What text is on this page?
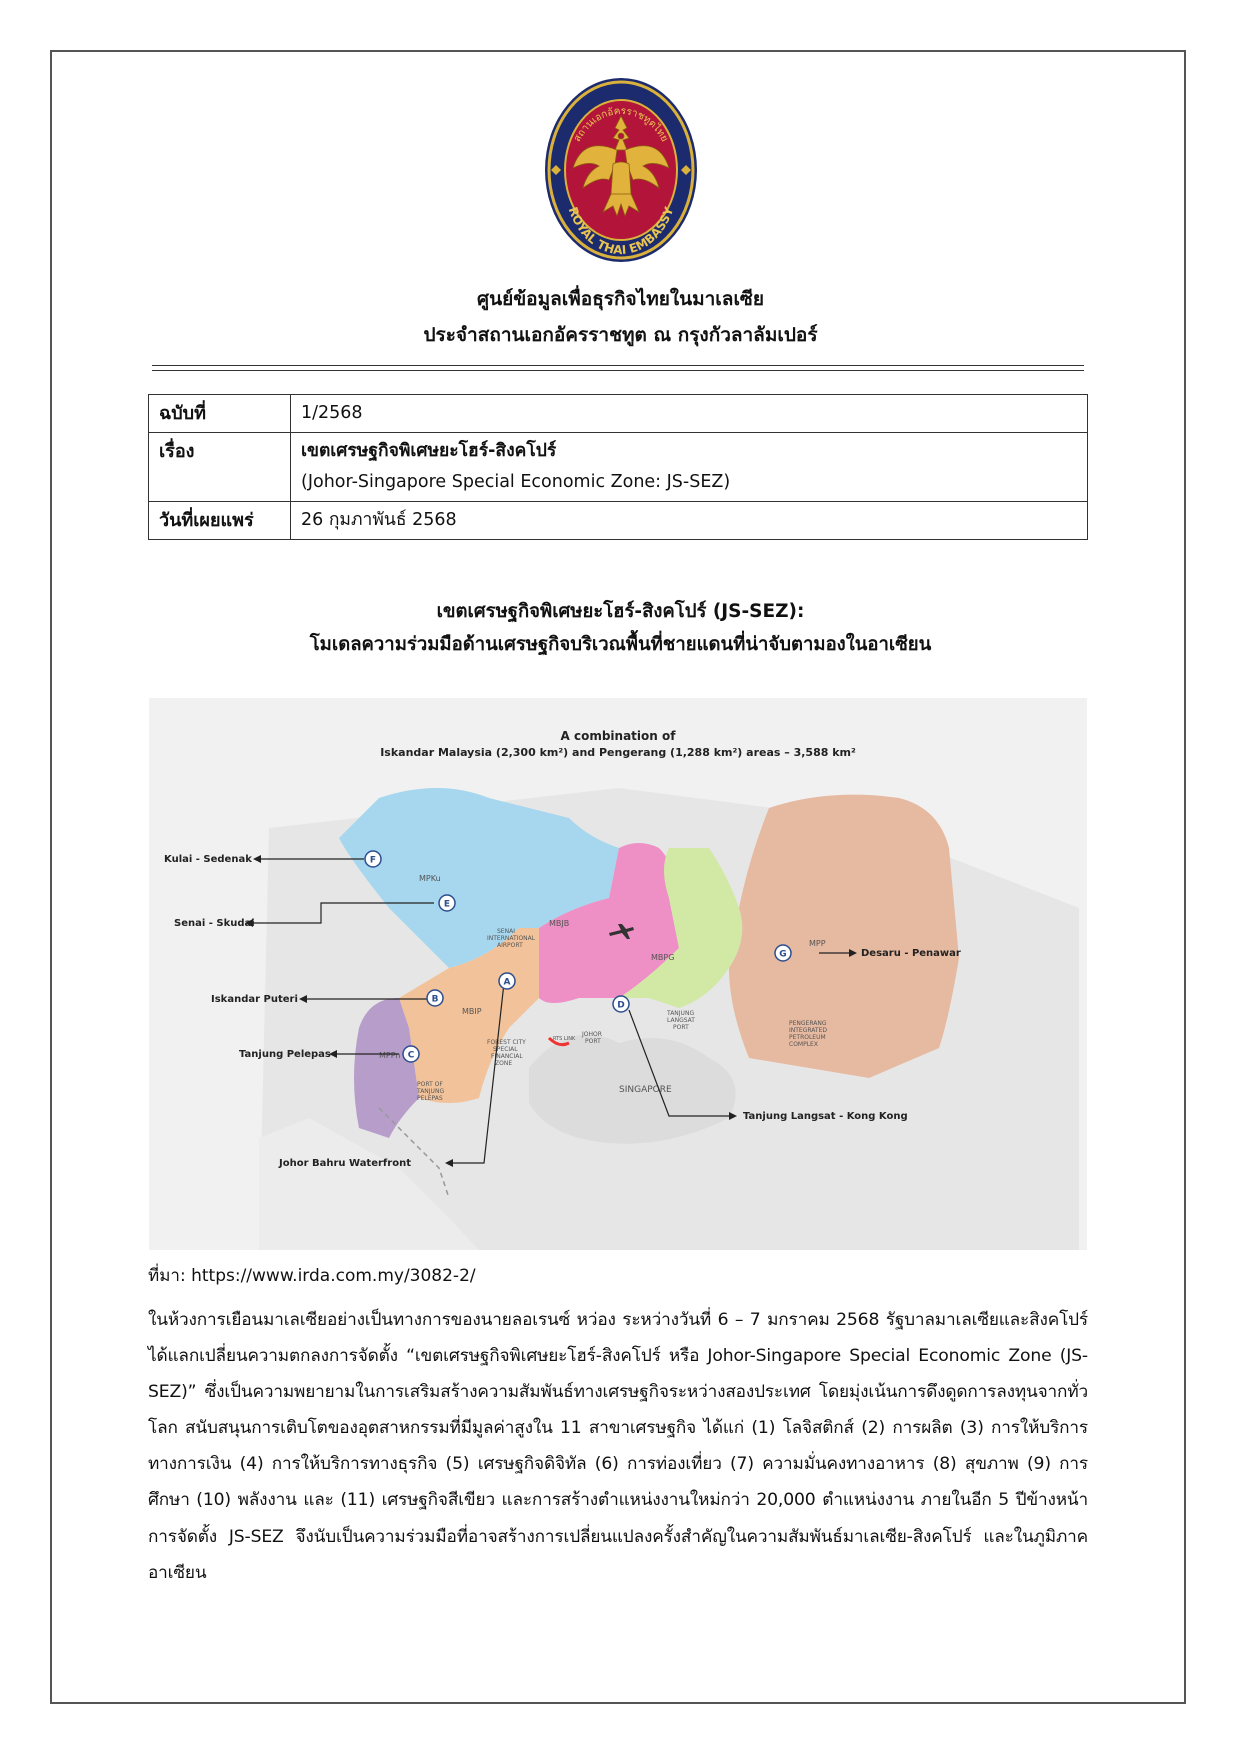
สถานเอกอัครราชทูตไทย
ROYAL THAI EMBASSY
ศูนย์ข้อมูลเพื่อธุรกิจไทยในมาเลเซีย
ประจำสถานเอกอัครราชทูต ณ กรุงกัวลาลัมเปอร์
ฉบับที่	1/2568
เรื่อง	เขตเศรษฐกิจพิเศษยะโฮร์-สิงคโปร์
(Johor-Singapore Special Economic Zone: JS-SEZ)

วันที่เผยแพร่	26 กุมภาพันธ์ 2568
เขตเศรษฐกิจพิเศษยะโฮร์-สิงคโปร์ (JS-SEZ):
โมเดลความร่วมมือด้านเศรษฐกิจบริเวณพื้นที่ชายแดนที่น่าจับตามองในอาเซียน
A combination of
Iskandar Malaysia (2,300 km²) and Pengerang (1,288 km²) areas – 3,588 km²
MPKu
MBJB
MBIP
MBPG
MPP
MPPn
SINGAPORE
SENAI
INTERNATIONAL
AIRPORT
FOREST CITY
SPECIAL
FINANCIAL
ZONE
PORT OF
TANJUNG
PELEPAS
JOHOR
PORT
TANJUNG
LANGSAT
PORT
RTS LINK
PENGERANG
INTEGRATED
PETROLEUM
COMPLEX
A
B
C
D
E
F
G
Kulai - Sedenak
Senai - Skudai
Iskandar Puteri
Tanjung Pelepas
Johor Bahru Waterfront
Desaru - Penawar
Tanjung Langsat - Kong Kong
ที่มา: https://www.irda.com.my/3082-2/
ในห้วงการเยือนมาเลเซียอย่างเป็นทางการของนายลอเรนซ์ หว่อง ระหว่างวันที่ 6 – 7 มกราคม 2568 รัฐบาลมาเลเซียและสิงคโปร์ได้แลกเปลี่ยนความตกลงการจัดตั้ง “เขตเศรษฐกิจพิเศษยะโฮร์-สิงคโปร์ หรือ Johor-Singapore Special Economic Zone (JS-SEZ)” ซึ่งเป็นความพยายามในการเสริมสร้างความสัมพันธ์ทางเศรษฐกิจระหว่างสองประเทศ โดยมุ่งเน้นการดึงดูดการลงทุนจากทั่วโลก สนับสนุนการเติบโตของอุตสาหกรรมที่มีมูลค่าสูงใน 11 สาขาเศรษฐกิจ ได้แก่ (1) โลจิสติกส์ (2) การผลิต (3) การให้บริการทางการเงิน (4) การให้บริการทางธุรกิจ (5) เศรษฐกิจดิจิทัล (6) การท่องเที่ยว (7) ความมั่นคงทางอาหาร (8) สุขภาพ (9) การศึกษา (10) พลังงาน และ (11) เศรษฐกิจสีเขียว และการสร้างตำแหน่งงานใหม่กว่า 20,000 ตำแหน่งงาน ภายในอีก 5 ปีข้างหน้า การจัดตั้ง JS-SEZ จึงนับเป็นความร่วมมือที่อาจสร้างการเปลี่ยนแปลงครั้งสำคัญในความสัมพันธ์มาเลเซีย-สิงคโปร์ และในภูมิภาคอาเซียน
